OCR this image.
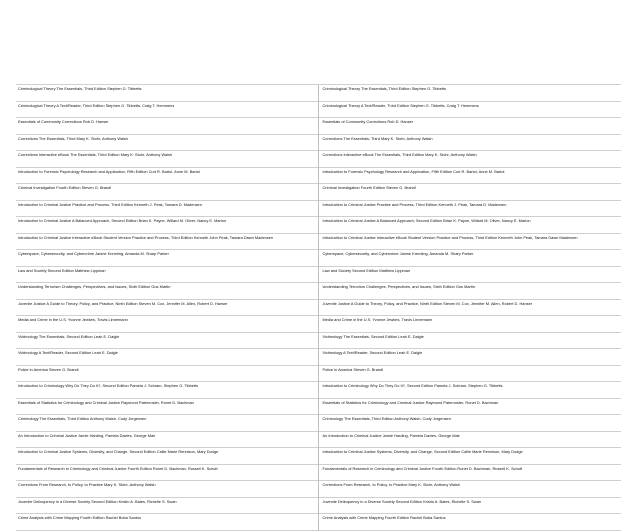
Criminological Theory The Essentials, Third Edition Stephen G. Tibbetts
Criminological Theory A Text/Reader, Third Edition Stephen G. Tibbetts, Craig T. Hemmens
Essentials of Community Corrections Rob D. Hanser
Corrections The Essentials, Third Mary K. Stohr, Anthony Walsh
Corrections Interactive eBook The Essentials, Third Edition Mary K. Stohr, Anthony Walsh
Introduction to Forensic Psychology Research and Application, Fifth Edition Curt R. Bartol, Anne M. Bartol
Criminal Investigation Fourth Edition Steven G. Brandl
Introduction to Criminal Justice Practice and Process, Third Edition Kenneth J. Peak, Tamara D. Madensen
Introduction to Criminal Justice A Balanced Approach, Second Edition Brian K. Payne, Willard M. Oliver, Nancy E. Marion
Introduction to Criminal Justice Interactive eBook Student Version Practice and Process, Third Edition Kenneth John Peak, Tamara Dawn Madensen
Cyberspace, Cybersecurity, and Cybercrime Janine Kremling, Amanda M. Sharp Parker
Law and Society Second Edition Matthew Lippman
Understanding Terrorism Challenges, Perspectives, and Issues, Sixth Edition Gus Martin
Juvenile Justice A Guide to Theory, Policy, and Practice, Ninth Edition Steven M. Cox, Jennifer M. Allen, Robert D. Hanser
Media and Crime in the U.S. Yvonne Jewkes, Travis Linnemann
Victimology The Essentials, Second Edition Leah E. Daigle
Victimology A Text/Reader, Second Edition Leah E. Daigle
Police in America Steven G. Brandl
Introduction to Criminology Why Do They Do It?, Second Edition Pamela J. Schram, Stephen G. Tibbetts
Essentials of Statistics for Criminology and Criminal Justice Raymond Paternoster, Ronet D. Bachman
Criminology The Essentials, Third Edition Anthony Walsh, Cody Jorgensen
An Introduction to Criminal Justice Jamie Harding, Pamela Davies, George Mair
Introduction to Criminal Justice Systems, Diversity, and Change, Second Edition Callie Marie Rennison, Mary Dodge
Fundamentals of Research in Criminology and Criminal Justice Fourth Edition Ronet D. Bachman, Russell K. Schutt
Corrections From Research, to Policy, to Practice Mary K. Stohr, Anthony Walsh
Juvenile Delinquency in a Diverse Society Second Edition Kristin A. Bates, Richelle S. Swan
Crime Analysis with Crime Mapping Fourth Edition Rachel Boba Santos
Criminological Theory The Essentials, Third Edition Stephen G. Tibbetts
Criminological Theory A Text/Reader, Third Edition Stephen G. Tibbetts, Craig T. Hemmens
Essentials of Community Corrections Rob D. Hanser
Corrections The Essentials, Third Mary K. Stohr, Anthony Walsh
Corrections Interactive eBook The Essentials, Third Edition Mary K. Stohr, Anthony Walsh
Introduction to Forensic Psychology Research and Application, Fifth Edition Curt R. Bartol, Anne M. Bartol
Criminal Investigation Fourth Edition Steven G. Brandl
Introduction to Criminal Justice Practice and Process, Third Edition Kenneth J. Peak, Tamara D. Madensen
Introduction to Criminal Justice A Balanced Approach, Second Edition Brian K. Payne, Willard M. Oliver, Nancy E. Marion
Introduction to Criminal Justice Interactive eBook Student Version Practice and Process, Third Edition Kenneth John Peak, Tamara Dawn Madensen
Cyberspace, Cybersecurity, and Cybercrime Janine Kremling, Amanda M. Sharp Parker
Law and Society Second Edition Matthew Lippman
Understanding Terrorism Challenges, Perspectives, and Issues, Sixth Edition Gus Martin
Juvenile Justice A Guide to Theory, Policy, and Practice, Ninth Edition Steven M. Cox, Jennifer M. Allen, Robert D. Hanser
Media and Crime in the U.S. Yvonne Jewkes, Travis Linnemann
Victimology The Essentials, Second Edition Leah E. Daigle
Victimology A Text/Reader, Second Edition Leah E. Daigle
Police in America Steven G. Brandl
Introduction to Criminology Why Do They Do It?, Second Edition Pamela J. Schram, Stephen G. Tibbetts
Essentials of Statistics for Criminology and Criminal Justice Raymond Paternoster, Ronet D. Bachman
Criminology The Essentials, Third Edition Anthony Walsh, Cody Jorgensen
An Introduction to Criminal Justice Jamie Harding, Pamela Davies, George Mair
Introduction to Criminal Justice Systems, Diversity, and Change, Second Edition Callie Marie Rennison, Mary Dodge
Fundamentals of Research in Criminology and Criminal Justice Fourth Edition Ronet D. Bachman, Russell K. Schutt
Corrections From Research, to Policy, to Practice Mary K. Stohr, Anthony Walsh
Juvenile Delinquency in a Diverse Society Second Edition Kristin A. Bates, Richelle S. Swan
Crime Analysis with Crime Mapping Fourth Edition Rachel Boba Santos
